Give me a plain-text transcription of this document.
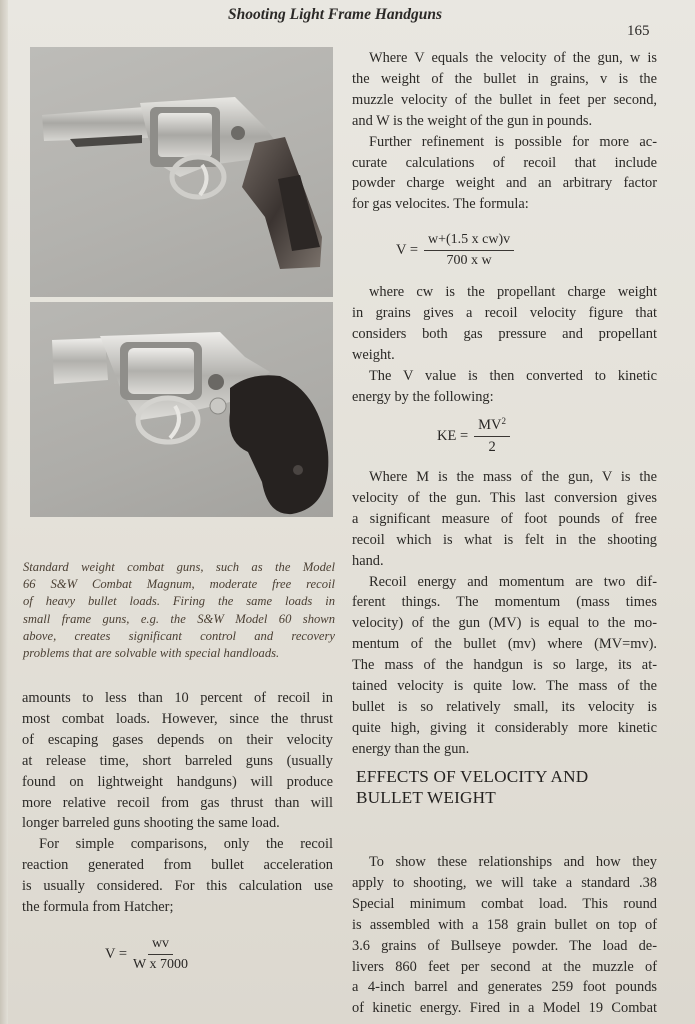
Shooting Light Frame Handguns
165
Standard weight combat guns, such as the Model
66 S&W Combat Magnum, moderate free recoil
of heavy bullet loads. Firing the same loads in
small frame guns, e.g. the S&W Model 60 shown
above, creates significant control and recovery
problems that are solvable with special handloads.
amounts to less than 10 percent of recoil in
most combat loads. However, since the thrust
of escaping gases depends on their velocity
at release time, short barreled guns (usually
found on lightweight handguns) will produce
more relative recoil from gas thrust than will
longer barreled guns shooting the same load.
For simple comparisons, only the recoil
reaction generated from bullet acceleration
is usually considered. For this calculation use
the formula from Hatcher;
$V = \frac{wv}{\text{W x 7000}}$
Where V equals the velocity of the gun, w is
the weight of the bullet in grains, v is the
muzzle velocity of the bullet in feet per second,
and W is the weight of the gun in pounds.
Further refinement is possible for more ac-
curate calculations of recoil that include
powder charge weight and an arbitrary factor
for gas velocites. The formula:
$V = \frac{\text{w+(1.5 x cw)v}}{\text{700 x w}}$
where cw is the propellant charge weight
in grains gives a recoil velocity figure that
considers both gas pressure and propellant
weight.
The V value is then converted to kinetic
energy by the following:
KE = $\frac{MV^2}{2}$
Where M is the mass of the gun, V is the
velocity of the gun. This last conversion gives
a significant measure of foot pounds of free
recoil which is what is felt in the shooting
hand.
Recoil energy and momentum are two dif-
ferent things. The momentum (mass times
velocity) of the gun (MV) is equal to the mo-
mentum of the bullet (mv) where (MV=mv).
The mass of the handgun is so large, its at-
tained velocity is quite low. The mass of the
bullet is so relatively small, its velocity is
quite high, giving it considerably more kinetic
energy than the gun.
EFFECTS OF VELOCITY AND BULLET WEIGHT
To show these relationships and how they
apply to shooting, we will take a standard .38
Special minimum combat load. This round
is assembled with a 158 grain bullet on top of
3.6 grains of Bullseye powder. The load de-
livers 860 feet per second at the muzzle of
a 4-inch barrel and generates 259 foot pounds
of kinetic energy. Fired in a Model 19 Combat
